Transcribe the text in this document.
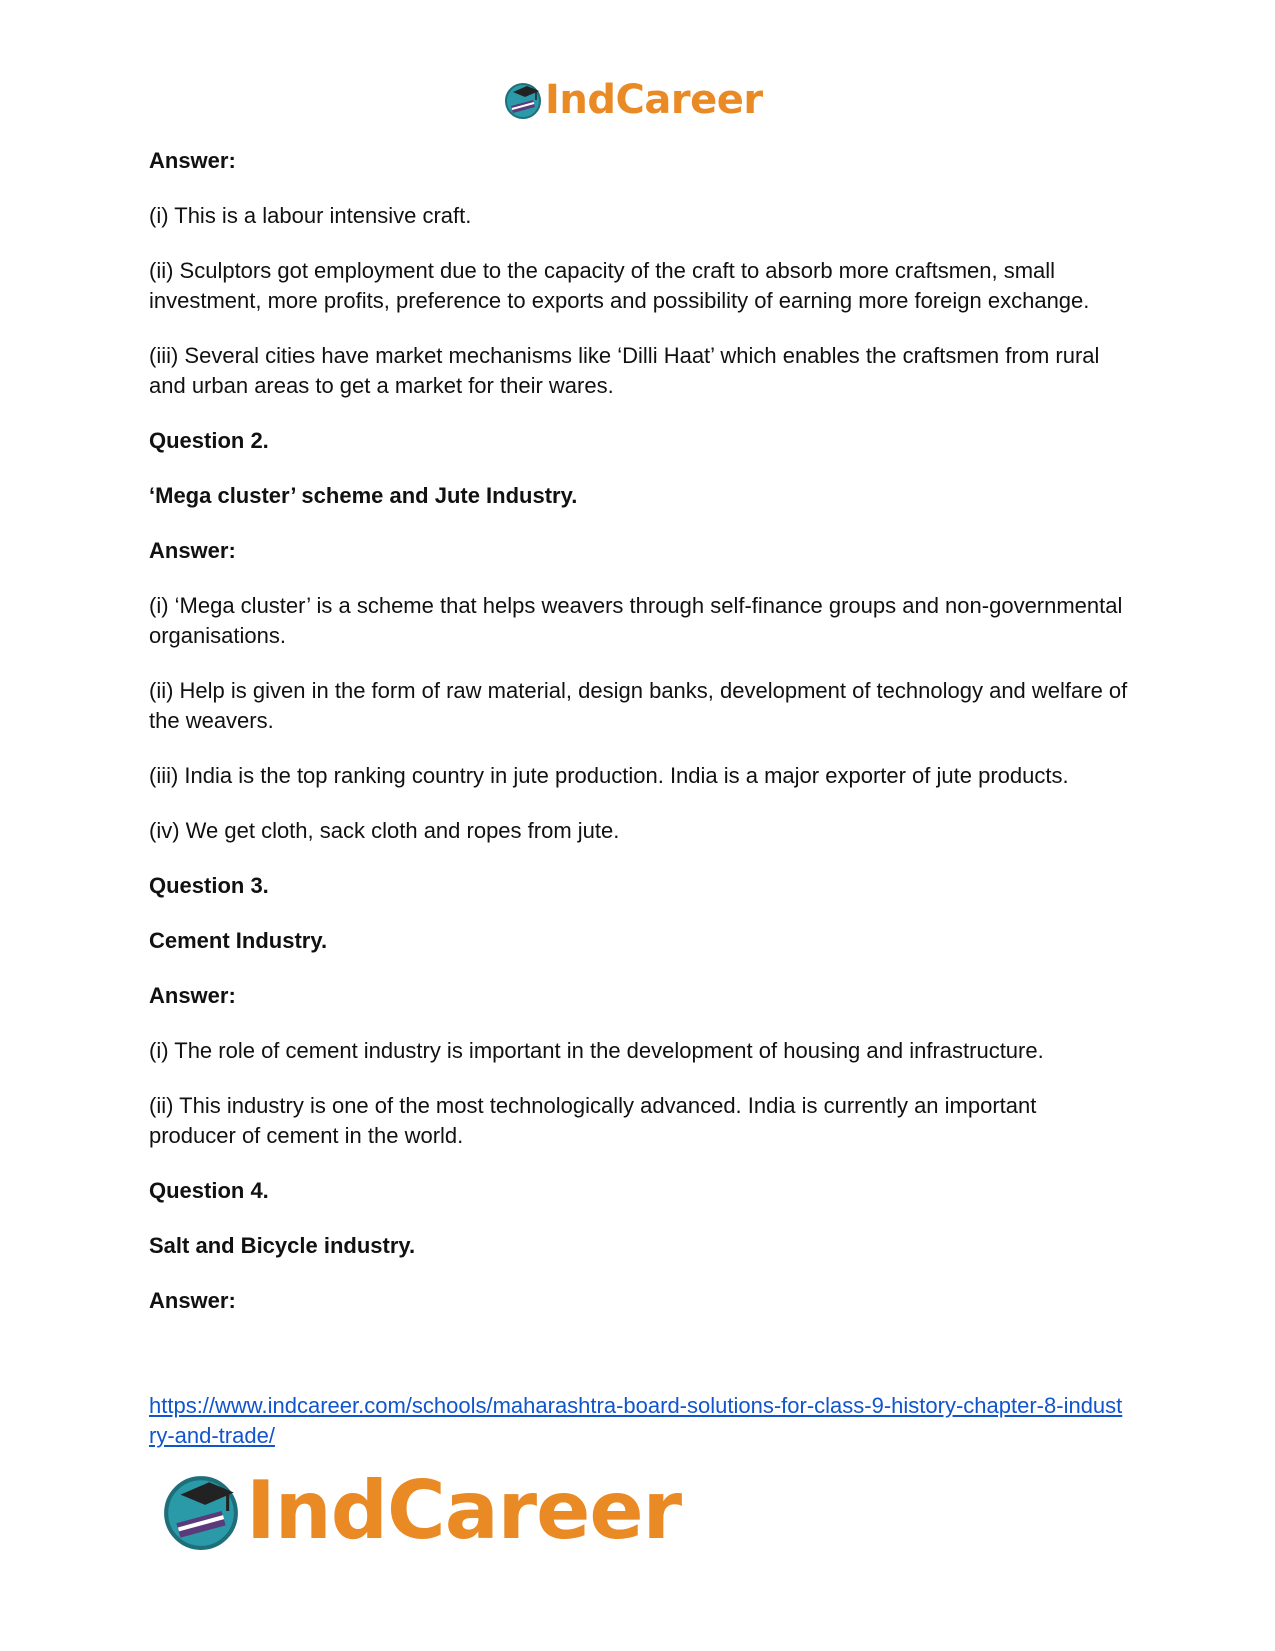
IndCareer

Answer:

(i) This is a labour intensive craft.

(ii) Sculptors got employment due to the capacity of the craft to absorb more craftsmen, small investment, more profits, preference to exports and possibility of earning more foreign exchange.

(iii) Several cities have market mechanisms like ‘Dilli Haat’ which enables the craftsmen from rural and urban areas to get a market for their wares.

Question 2.

‘Mega cluster’ scheme and Jute Industry.

Answer:

(i) ‘Mega cluster’ is a scheme that helps weavers through self-finance groups and non-governmental organisations.

(ii) Help is given in the form of raw material, design banks, development of technology and welfare of the weavers.

(iii) India is the top ranking country in jute production. India is a major exporter of jute products.

(iv) We get cloth, sack cloth and ropes from jute.

Question 3.

Cement Industry.

Answer:

(i) The role of cement industry is important in the development of housing and infrastructure.

(ii) This industry is one of the most technologically advanced. India is currently an important producer of cement in the world.

Question 4.

Salt and Bicycle industry.

Answer:

https://www.indcareer.com/schools/maharashtra-board-solutions-for-class-9-history-chapter-8-industry-and-trade/
IndCareer
